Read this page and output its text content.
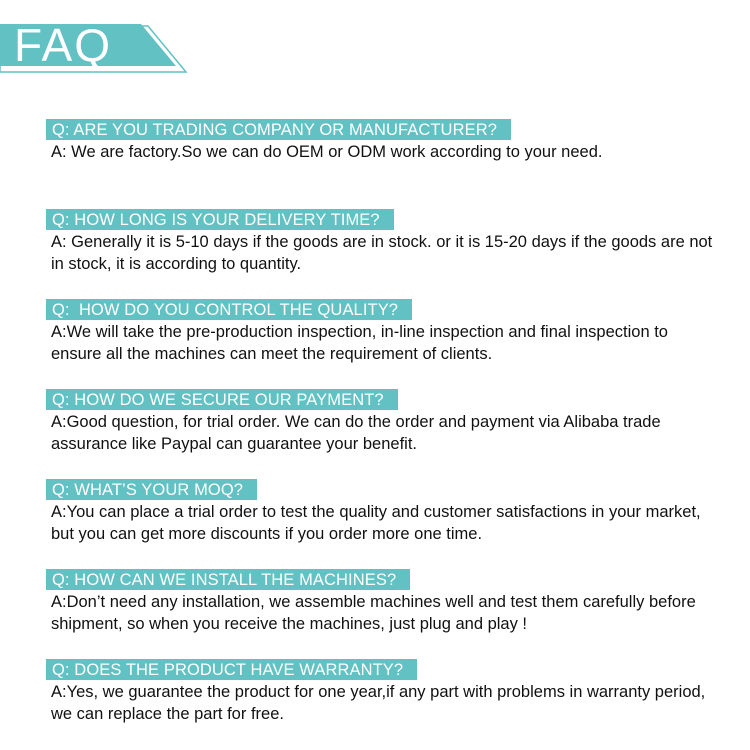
FAQ
Q: ARE YOU TRADING COMPANY OR MANUFACTURER?
A: We are factory.So we can do OEM or ODM work according to your need.
Q: HOW LONG IS YOUR DELIVERY TIME?
A: Generally it is 5-10 days if the goods are in stock. or it is 15-20 days if the goods are not in stock, it is according to quantity.
Q:  HOW DO YOU CONTROL THE QUALITY?
A:We will take the pre-production inspection, in-line inspection and final inspection to ensure all the machines can meet the requirement of clients.
Q: HOW DO WE SECURE OUR PAYMENT?
A:Good question, for trial order. We can do the order and payment via Alibaba trade assurance like Paypal can guarantee your benefit.
Q: WHAT’S YOUR MOQ?
A:You can place a trial order to test the quality and customer satisfactions in your market, but you can get more discounts if you order more one time.
Q: HOW CAN WE INSTALL THE MACHINES?
A:Don’t need any installation, we assemble machines well and test them carefully before shipment, so when you receive the machines, just plug and play !
Q: DOES THE PRODUCT HAVE WARRANTY?
A:Yes, we guarantee the product for one year,if any part with problems in warranty period, we can replace the part for free.
